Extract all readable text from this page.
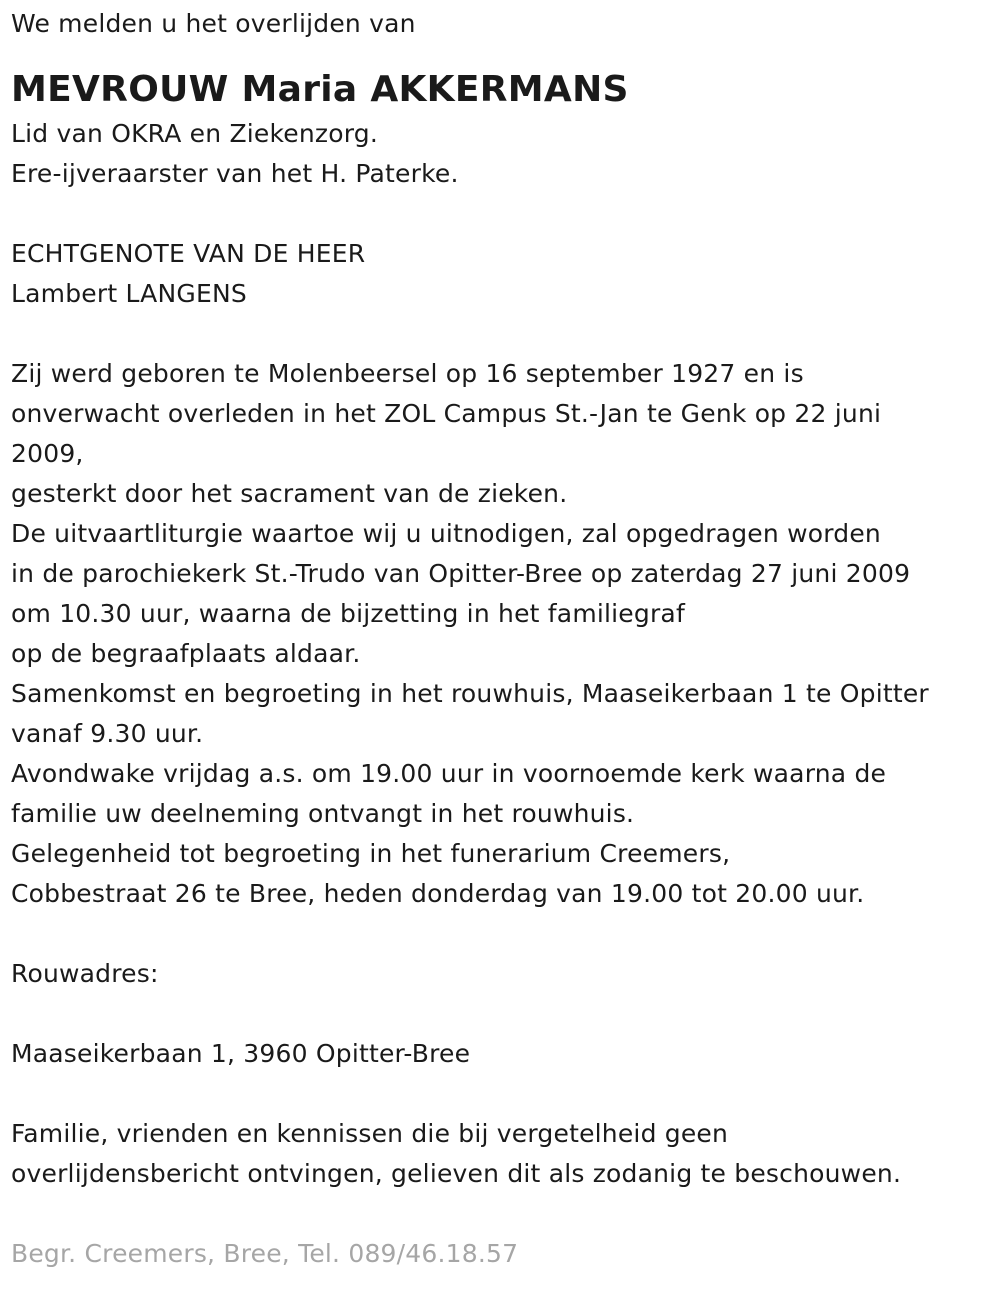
We melden u het overlijden van
MEVROUW Maria AKKERMANS
Lid van OKRA en Ziekenzorg.
Ere-ijveraarster van het H. Paterke.
ECHTGENOTE VAN DE HEER
Lambert LANGENS
Zij werd geboren te Molenbeersel op 16 september 1927 en is
onverwacht overleden in het ZOL Campus St.-Jan te Genk op 22 juni
2009,
gesterkt door het sacrament van de zieken.
De uitvaartliturgie waartoe wij u uitnodigen, zal opgedragen worden
in de parochiekerk St.-Trudo van Opitter-Bree op zaterdag 27 juni 2009
om 10.30 uur, waarna de bijzetting in het familiegraf
op de begraafplaats aldaar.
Samenkomst en begroeting in het rouwhuis, Maaseikerbaan 1 te Opitter
vanaf 9.30 uur.
Avondwake vrijdag a.s. om 19.00 uur in voornoemde kerk waarna de
familie uw deelneming ontvangt in het rouwhuis.
Gelegenheid tot begroeting in het funerarium Creemers,
Cobbestraat 26 te Bree, heden donderdag van 19.00 tot 20.00 uur.
Rouwadres:
Maaseikerbaan 1, 3960 Opitter-Bree
Familie, vrienden en kennissen die bij vergetelheid geen
overlijdensbericht ontvingen, gelieven dit als zodanig te beschouwen.
Begr. Creemers, Bree, Tel. 089/46.18.57
